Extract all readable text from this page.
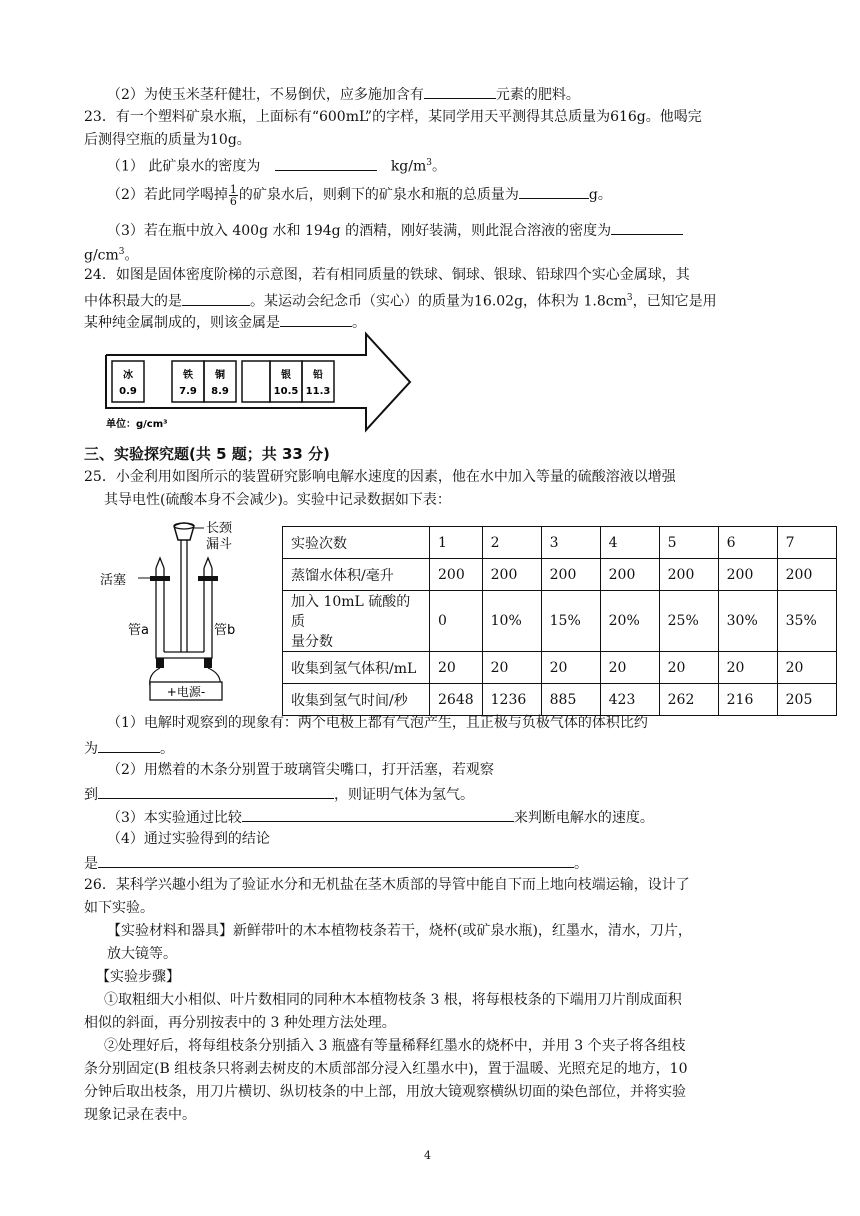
（2）为使玉米茎秆健壮，不易倒伏，应多施加含有	元素的肥料。
23．有一个塑料矿泉水瓶，上面标有“600mL”的字样，某同学用天平测得其总质量为616g。他喝完
后测得空瓶的质量为10g。
（1） 此矿泉水的密度为	$kg/m^3$。
（2）若此同学喝掉 $\frac{1}{6}$ 的矿泉水后，则剩下的矿泉水和瓶的总质量为	g。
（3）若在瓶中放入 400g 水和 194g 的酒精，刚好装满，则此混合溶液的密度为
$g/cm^3$。
24．如图是固体密度阶梯的示意图，若有相同质量的铁球、铜球、银球、铅球四个实心金属球，其
中体积最大的是	。某运动会纪念币（实心）的质量为16.02g，体积为 $1.8cm^3$，已知它是用
某种纯金属制成的，则该金属是	。
冰
0.9
铁
7.9
铜
8.9
银
10.5
铅
11.3
单位：g/cm³
三、实验探究题(共 5 题；共 33 分)
25．小金利用如图所示的装置研究影响电解水速度的因素，他在水中加入等量的硫酸溶液以增强
其导电性(硫酸本身不会减少)。实验中记录数据如下表：
+电源-
长颈
漏斗
活塞
管a	管b
实验次数	1	2	3	4	5	6	7
蒸馏水体积/毫升	200	200	200	200	200	200	200

加入 10mL 硫酸的质
量分数	0	10%	15%	20%	25%	30%	35%
收集到氢气体积/mL	20	20	20	20	20	20	20
收集到氢气时间/秒	2648	1236	885	423	262	216	205
（1）电解时观察到的现象有：两个电极上都有气泡产生，且正极与负极气体的体积比约
为	。
（2）用燃着的木条分别置于玻璃管尖嘴口，打开活塞，若观察
到	，则证明气体为氢气。
（3）本实验通过比较	来判断电解水的速度。
（4）通过实验得到的结论
是	。
26．某科学兴趣小组为了验证水分和无机盐在茎木质部的导管中能自下而上地向枝端运输，设计了
如下实验。
【实验材料和器具】新鲜带叶的木本植物枝条若干，烧杯(或矿泉水瓶)，红墨水，清水，刀片，
放大镜等。
【实验步骤】
①取粗细大小相似、叶片数相同的同种木本植物枝条 3 根，将每根枝条的下端用刀片削成面积
相似的斜面，再分别按表中的 3 种处理方法处理。
②处理好后，将每组枝条分别插入 3 瓶盛有等量稀释红墨水的烧杯中，并用 3 个夹子将各组枝
条分别固定(B 组枝条只将剥去树皮的木质部部分浸入红墨水中)，置于温暖、光照充足的地方，10
分钟后取出枝条，用刀片横切、纵切枝条的中上部，用放大镜观察横纵切面的染色部位，并将实验
现象记录在表中。
4
